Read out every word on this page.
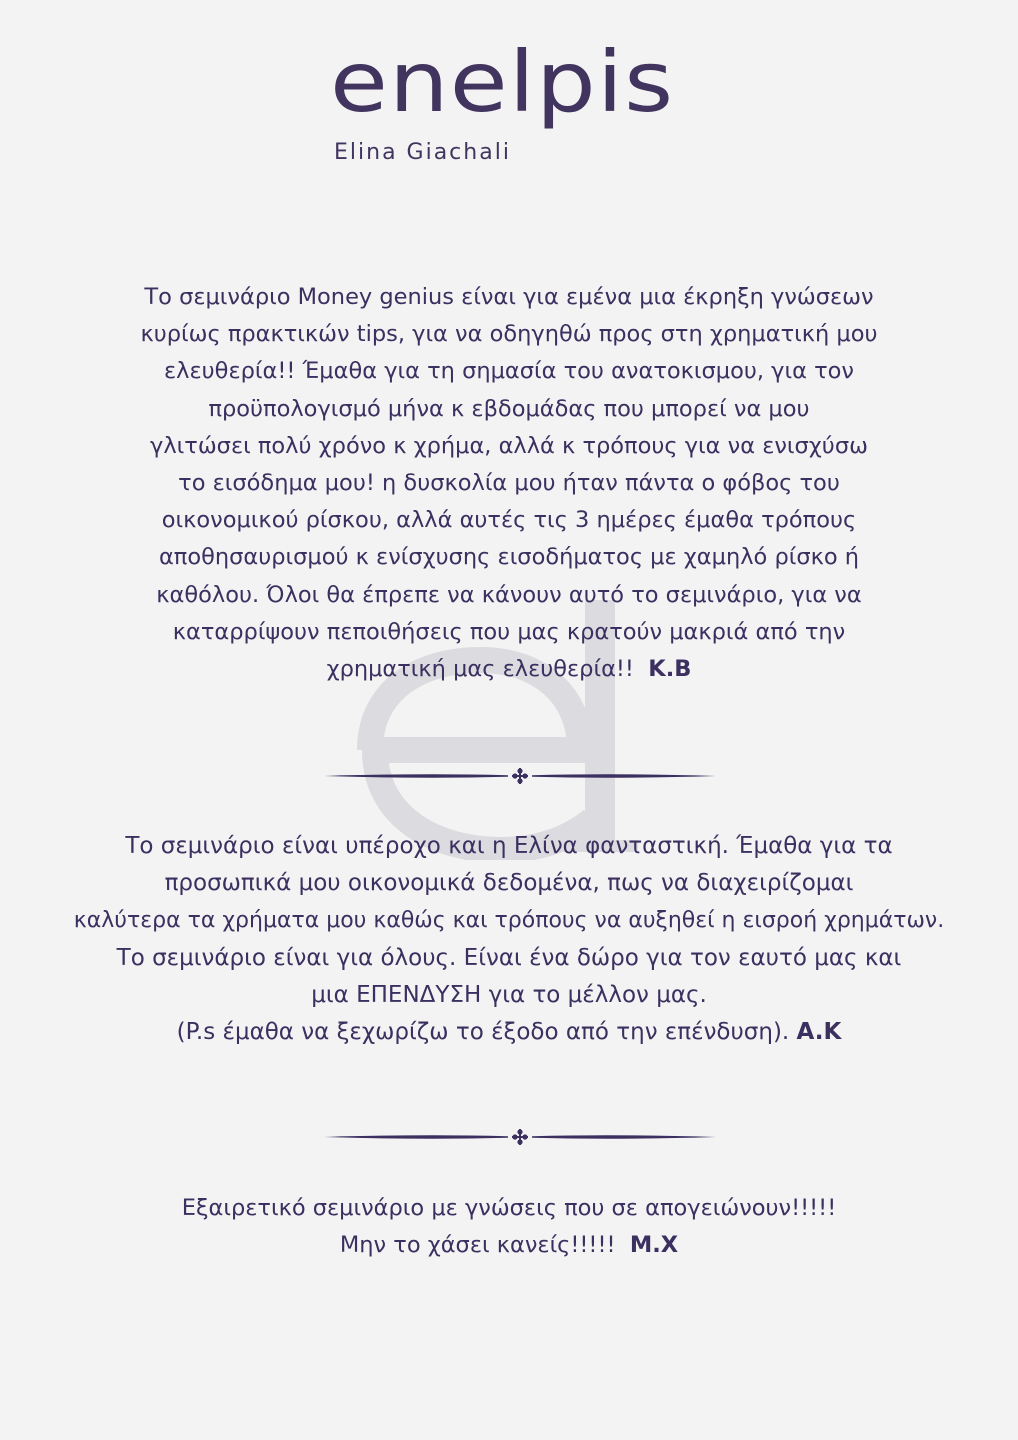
enelpis
Elina Giachali

Το σεμινάριο Money genius είναι για εμένα μια έκρηξη γνώσεων
κυρίως πρακτικών tips, για να οδηγηθώ προς στη χρηματική μου
ελευθερία!! Έμαθα για τη σημασία του ανατοκισμου, για τον
προϋπολογισμό μήνα κ εβδομάδας που μπορεί να μου
γλιτώσει πολύ χρόνο κ χρήμα, αλλά κ τρόπους για να ενισχύσω
το εισόδημα μου! η δυσκολία μου ήταν πάντα ο φόβος του
οικονομικού ρίσκου, αλλά αυτές τις 3 ημέρες έμαθα τρόπους
αποθησαυρισμού κ ενίσχυσης εισοδήματος με χαμηλό ρίσκο ή
καθόλου. Όλοι θα έπρεπε να κάνουν αυτό το σεμινάριο, για να
καταρρίψουν πεποιθήσεις που μας κρατούν μακριά από την
χρηματική μας ελευθερία!! K.B

Το σεμινάριο είναι υπέροχο και η Ελίνα φανταστική. Έμαθα για τα
προσωπικά μου οικονομικά δεδομένα, πως να διαχειρίζομαι
καλύτερα τα χρήματα μου καθώς και τρόπους να αυξηθεί η εισροή χρημάτων.
Το σεμινάριο είναι για όλους. Είναι ένα δώρο για τον εαυτό μας και
μια ΕΠΕΝΔΥΣΗ για το μέλλον μας.
(P.s έμαθα να ξεχωρίζω το έξοδο από την επένδυση). A.K

Εξαιρετικό σεμινάριο με γνώσεις που σε απογειώνουν!!!!!
Μην το χάσει κανείς!!!!! M.X
